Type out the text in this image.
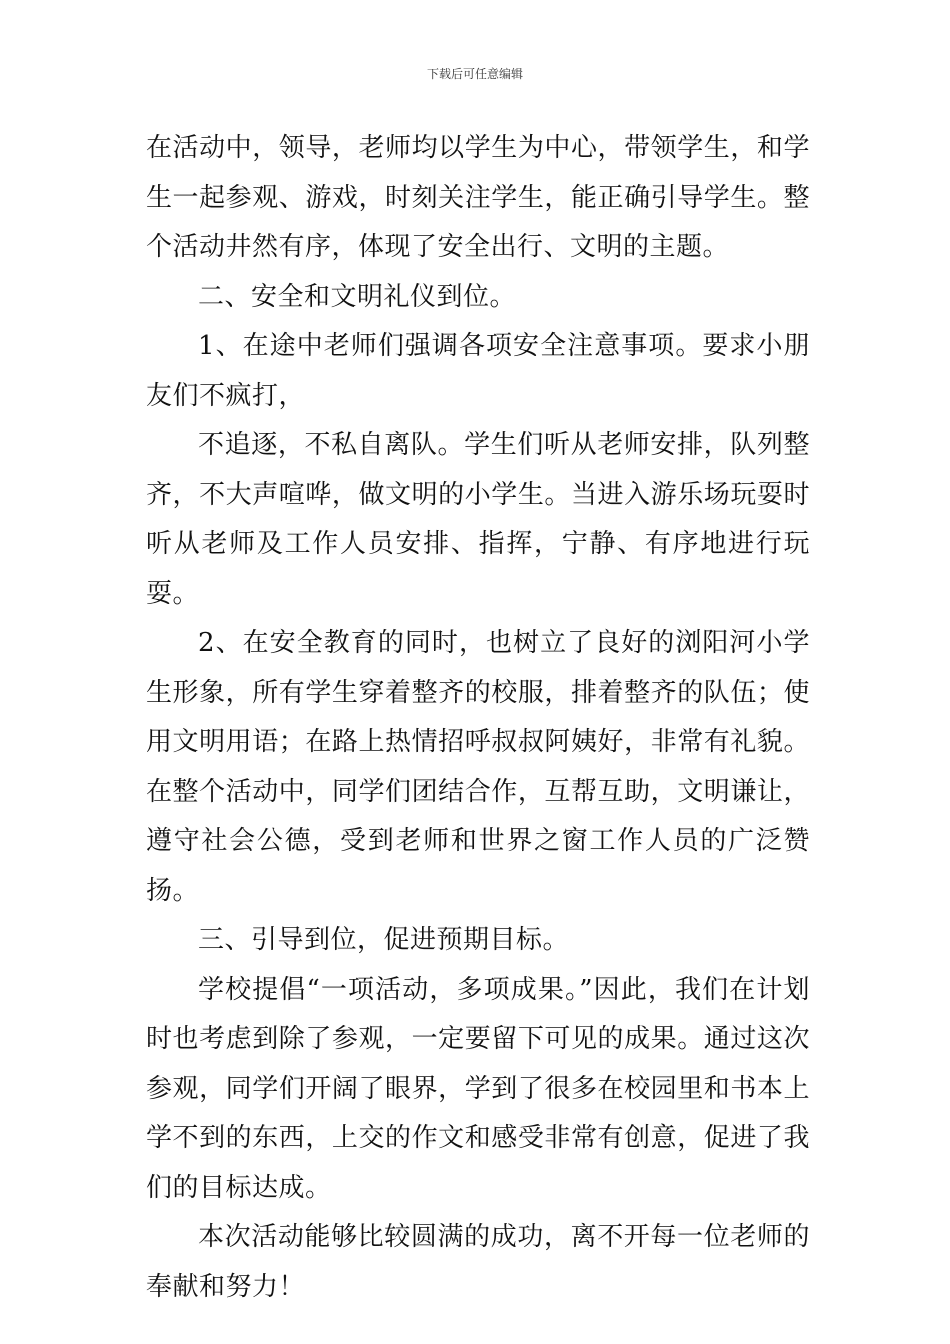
下载后可任意编辑

在活动中，领导，老师均以学生为中心，带领学生，和学生一起参观、游戏，时刻关注学生，能正确引导学生。整个活动井然有序，体现了安全出行、文明的主题。

二、安全和文明礼仪到位。

1、在途中老师们强调各项安全注意事项。要求小朋友们不疯打，

不追逐，不私自离队。学生们听从老师安排，队列整齐，不大声喧哗，做文明的小学生。当进入游乐场玩耍时听从老师及工作人员安排、指挥，宁静、有序地进行玩耍。

2、在安全教育的同时，也树立了良好的浏阳河小学生形象，所有学生穿着整齐的校服，排着整齐的队伍；使用文明用语；在路上热情招呼叔叔阿姨好，非常有礼貌。在整个活动中，同学们团结合作，互帮互助，文明谦让，遵守社会公德，受到老师和世界之窗工作人员的广泛赞扬。

三、引导到位，促进预期目标。

学校提倡“一项活动，多项成果。”因此，我们在计划时也考虑到除了参观，一定要留下可见的成果。通过这次参观，同学们开阔了眼界，学到了很多在校园里和书本上学不到的东西，上交的作文和感受非常有创意，促进了我们的目标达成。

本次活动能够比较圆满的成功，离不开每一位老师的奉献和努力！
